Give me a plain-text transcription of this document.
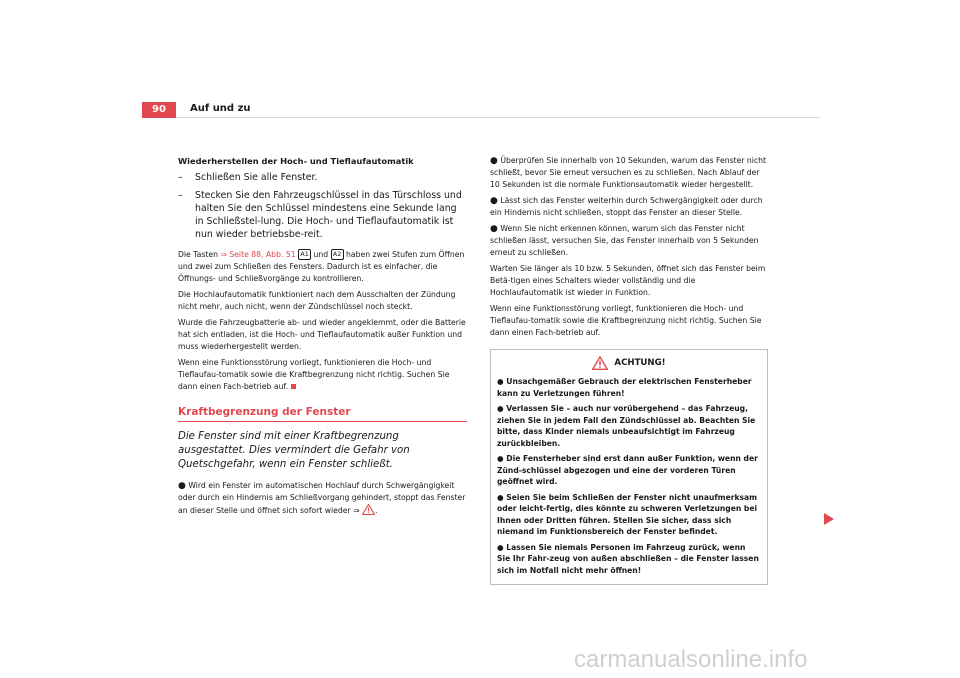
90	Auf und zu
Wiederherstellen der Hoch- und Tieflaufautomatik
– Schließen Sie alle Fenster.
– Stecken Sie den Fahrzeugschlüssel in das Türschloss und halten Sie den Schlüssel mindestens eine Sekunde lang in Schließstel-lung. Die Hoch- und Tieflaufautomatik ist nun wieder betriebsbe-reit.

Die Tasten ⇒ Seite 88, Abb. 51 A1 und A2 haben zwei Stufen zum Öffnen und zwei zum Schließen des Fensters. Dadurch ist es einfacher, die Öffnungs- und Schließvorgänge zu kontrollieren.

Die Hochlaufautomatik funktioniert nach dem Ausschalten der Zündung nicht mehr, auch nicht, wenn der Zündschlüssel noch steckt.

Wurde die Fahrzeugbatterie ab- und wieder angeklemmt, oder die Batterie hat sich entladen, ist die Hoch- und Tieflaufautomatik außer Funktion und muss wiederhergestellt werden.

Wenn eine Funktionsstörung vorliegt, funktionieren die Hoch- und Tieflaufau-tomatik sowie die Kraftbegrenzung nicht richtig. Suchen Sie dann einen Fach-betrieb auf.

Kraftbegrenzung der Fenster
Die Fenster sind mit einer Kraftbegrenzung ausgestattet. Dies vermindert die Gefahr von Quetschgefahr, wenn ein Fenster schließt.

● Wird ein Fenster im automatischen Hochlauf durch Schwergängigkeit oder durch ein Hindernis am Schließvorgang gehindert, stoppt das Fenster an dieser Stelle und öffnet sich sofort wieder ⇒ .

● Überprüfen Sie innerhalb von 10 Sekunden, warum das Fenster nicht schließt, bevor Sie erneut versuchen es zu schließen. Nach Ablauf der 10 Sekunden ist die normale Funktionsautomatik wieder hergestellt.

● Lässt sich das Fenster weiterhin durch Schwergängigkeit oder durch ein Hindernis nicht schließen, stoppt das Fenster an dieser Stelle.

● Wenn Sie nicht erkennen können, warum sich das Fenster nicht schließen lässt, versuchen Sie, das Fenster innerhalb von 5 Sekunden erneut zu schließen.

Warten Sie länger als 10 bzw. 5 Sekunden, öffnet sich das Fenster beim Betä-tigen eines Schalters wieder vollständig und die Hochlaufautomatik ist wieder in Funktion.

Wenn eine Funktionsstörung vorliegt, funktionieren die Hoch- und Tieflaufau-tomatik sowie die Kraftbegrenzung nicht richtig. Suchen Sie dann einen Fach-betrieb auf.

ACHTUNG!

● Unsachgemäßer Gebrauch der elektrischen Fensterheber kann zu Verletzungen führen!

● Verlassen Sie – auch nur vorübergehend – das Fahrzeug, ziehen Sie in jedem Fall den Zündschlüssel ab. Beachten Sie bitte, dass Kinder niemals unbeaufsichtigt im Fahrzeug zurückbleiben.

● Die Fensterheber sind erst dann außer Funktion, wenn der Zünd-schlüssel abgezogen und eine der vorderen Türen geöffnet wird.

● Seien Sie beim Schließen der Fenster nicht unaufmerksam oder leicht-fertig, dies könnte zu schweren Verletzungen bei Ihnen oder Dritten führen. Stellen Sie sicher, dass sich niemand im Funktionsbereich der Fenster befindet.

● Lassen Sie niemals Personen im Fahrzeug zurück, wenn Sie Ihr Fahr-zeug von außen abschließen – die Fenster lassen sich im Notfall nicht mehr öffnen!

carmanualsonline.info
